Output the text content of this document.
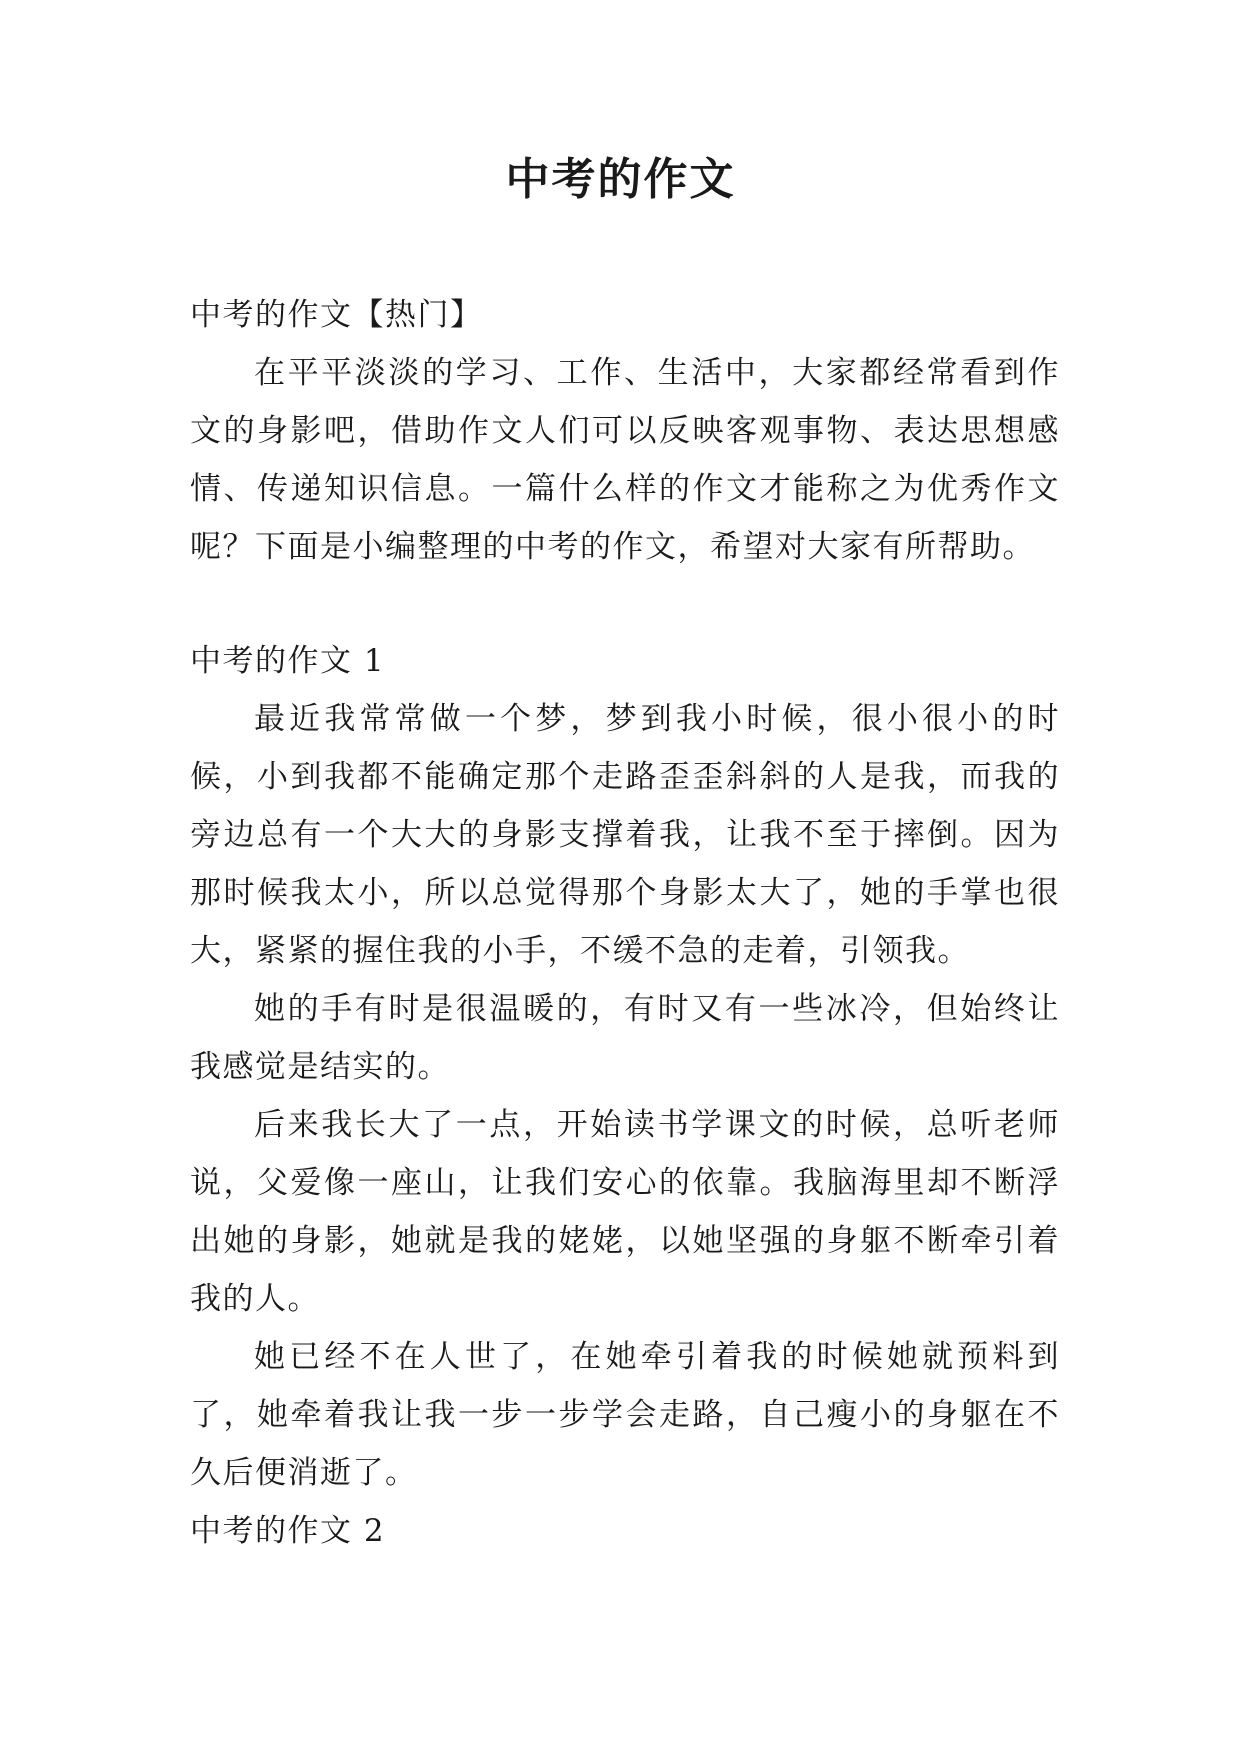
中考的作文

中考的作文【热门】

在平平淡淡的学习、工作、生活中，大家都经常看到作文的身影吧，借助作文人们可以反映客观事物、表达思想感情、传递知识信息。一篇什么样的作文才能称之为优秀作文呢？下面是小编整理的中考的作文，希望对大家有所帮助。

中考的作文 1

最近我常常做一个梦，梦到我小时候，很小很小的时候，小到我都不能确定那个走路歪歪斜斜的人是我，而我的旁边总有一个大大的身影支撑着我，让我不至于摔倒。因为那时候我太小，所以总觉得那个身影太大了，她的手掌也很大，紧紧的握住我的小手，不缓不急的走着，引领我。

她的手有时是很温暖的，有时又有一些冰冷，但始终让我感觉是结实的。

后来我长大了一点，开始读书学课文的时候，总听老师说，父爱像一座山，让我们安心的依靠。我脑海里却不断浮出她的身影，她就是我的姥姥，以她坚强的身躯不断牵引着我的人。

她已经不在人世了，在她牵引着我的时候她就预料到了，她牵着我让我一步一步学会走路，自己瘦小的身躯在不久后便消逝了。

中考的作文 2
